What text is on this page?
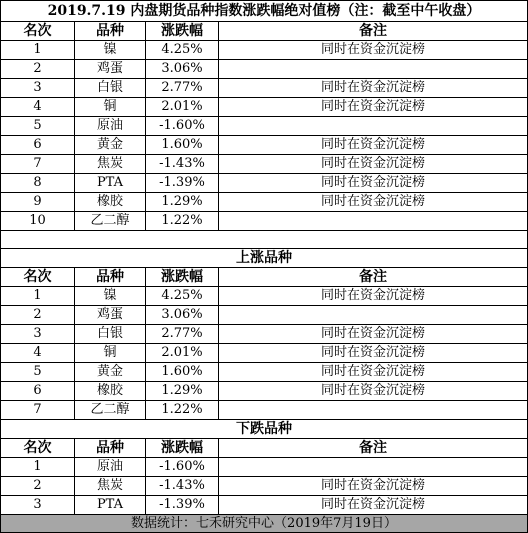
2019.7.19 内盘期货品种指数涨跌幅绝对值榜（注：截至中午收盘）			
名次	品种	涨跌幅	备注
1	镍	4.25%	同时在资金沉淀榜
2	鸡蛋	3.06%	
3	白银	2.77%	同时在资金沉淀榜
4	铜	2.01%	同时在资金沉淀榜
5	原油	-1.60%	
6	黄金	1.60%	同时在资金沉淀榜
7	焦炭	-1.43%	同时在资金沉淀榜
8	PTA	-1.39%	同时在资金沉淀榜
9	橡胶	1.29%	同时在资金沉淀榜
10	乙二醇	1.22%	

上涨品种			
名次	品种	涨跌幅	备注
1	镍	4.25%	同时在资金沉淀榜
2	鸡蛋	3.06%	
3	白银	2.77%	同时在资金沉淀榜
4	铜	2.01%	同时在资金沉淀榜
5	黄金	1.60%	同时在资金沉淀榜
6	橡胶	1.29%	同时在资金沉淀榜
7	乙二醇	1.22%	
下跌品种			
名次	品种	涨跌幅	备注
1	原油	-1.60%	
2	焦炭	-1.43%	同时在资金沉淀榜
3	PTA	-1.39%	同时在资金沉淀榜
数据统计：七禾研究中心（2019年7月19日）			
